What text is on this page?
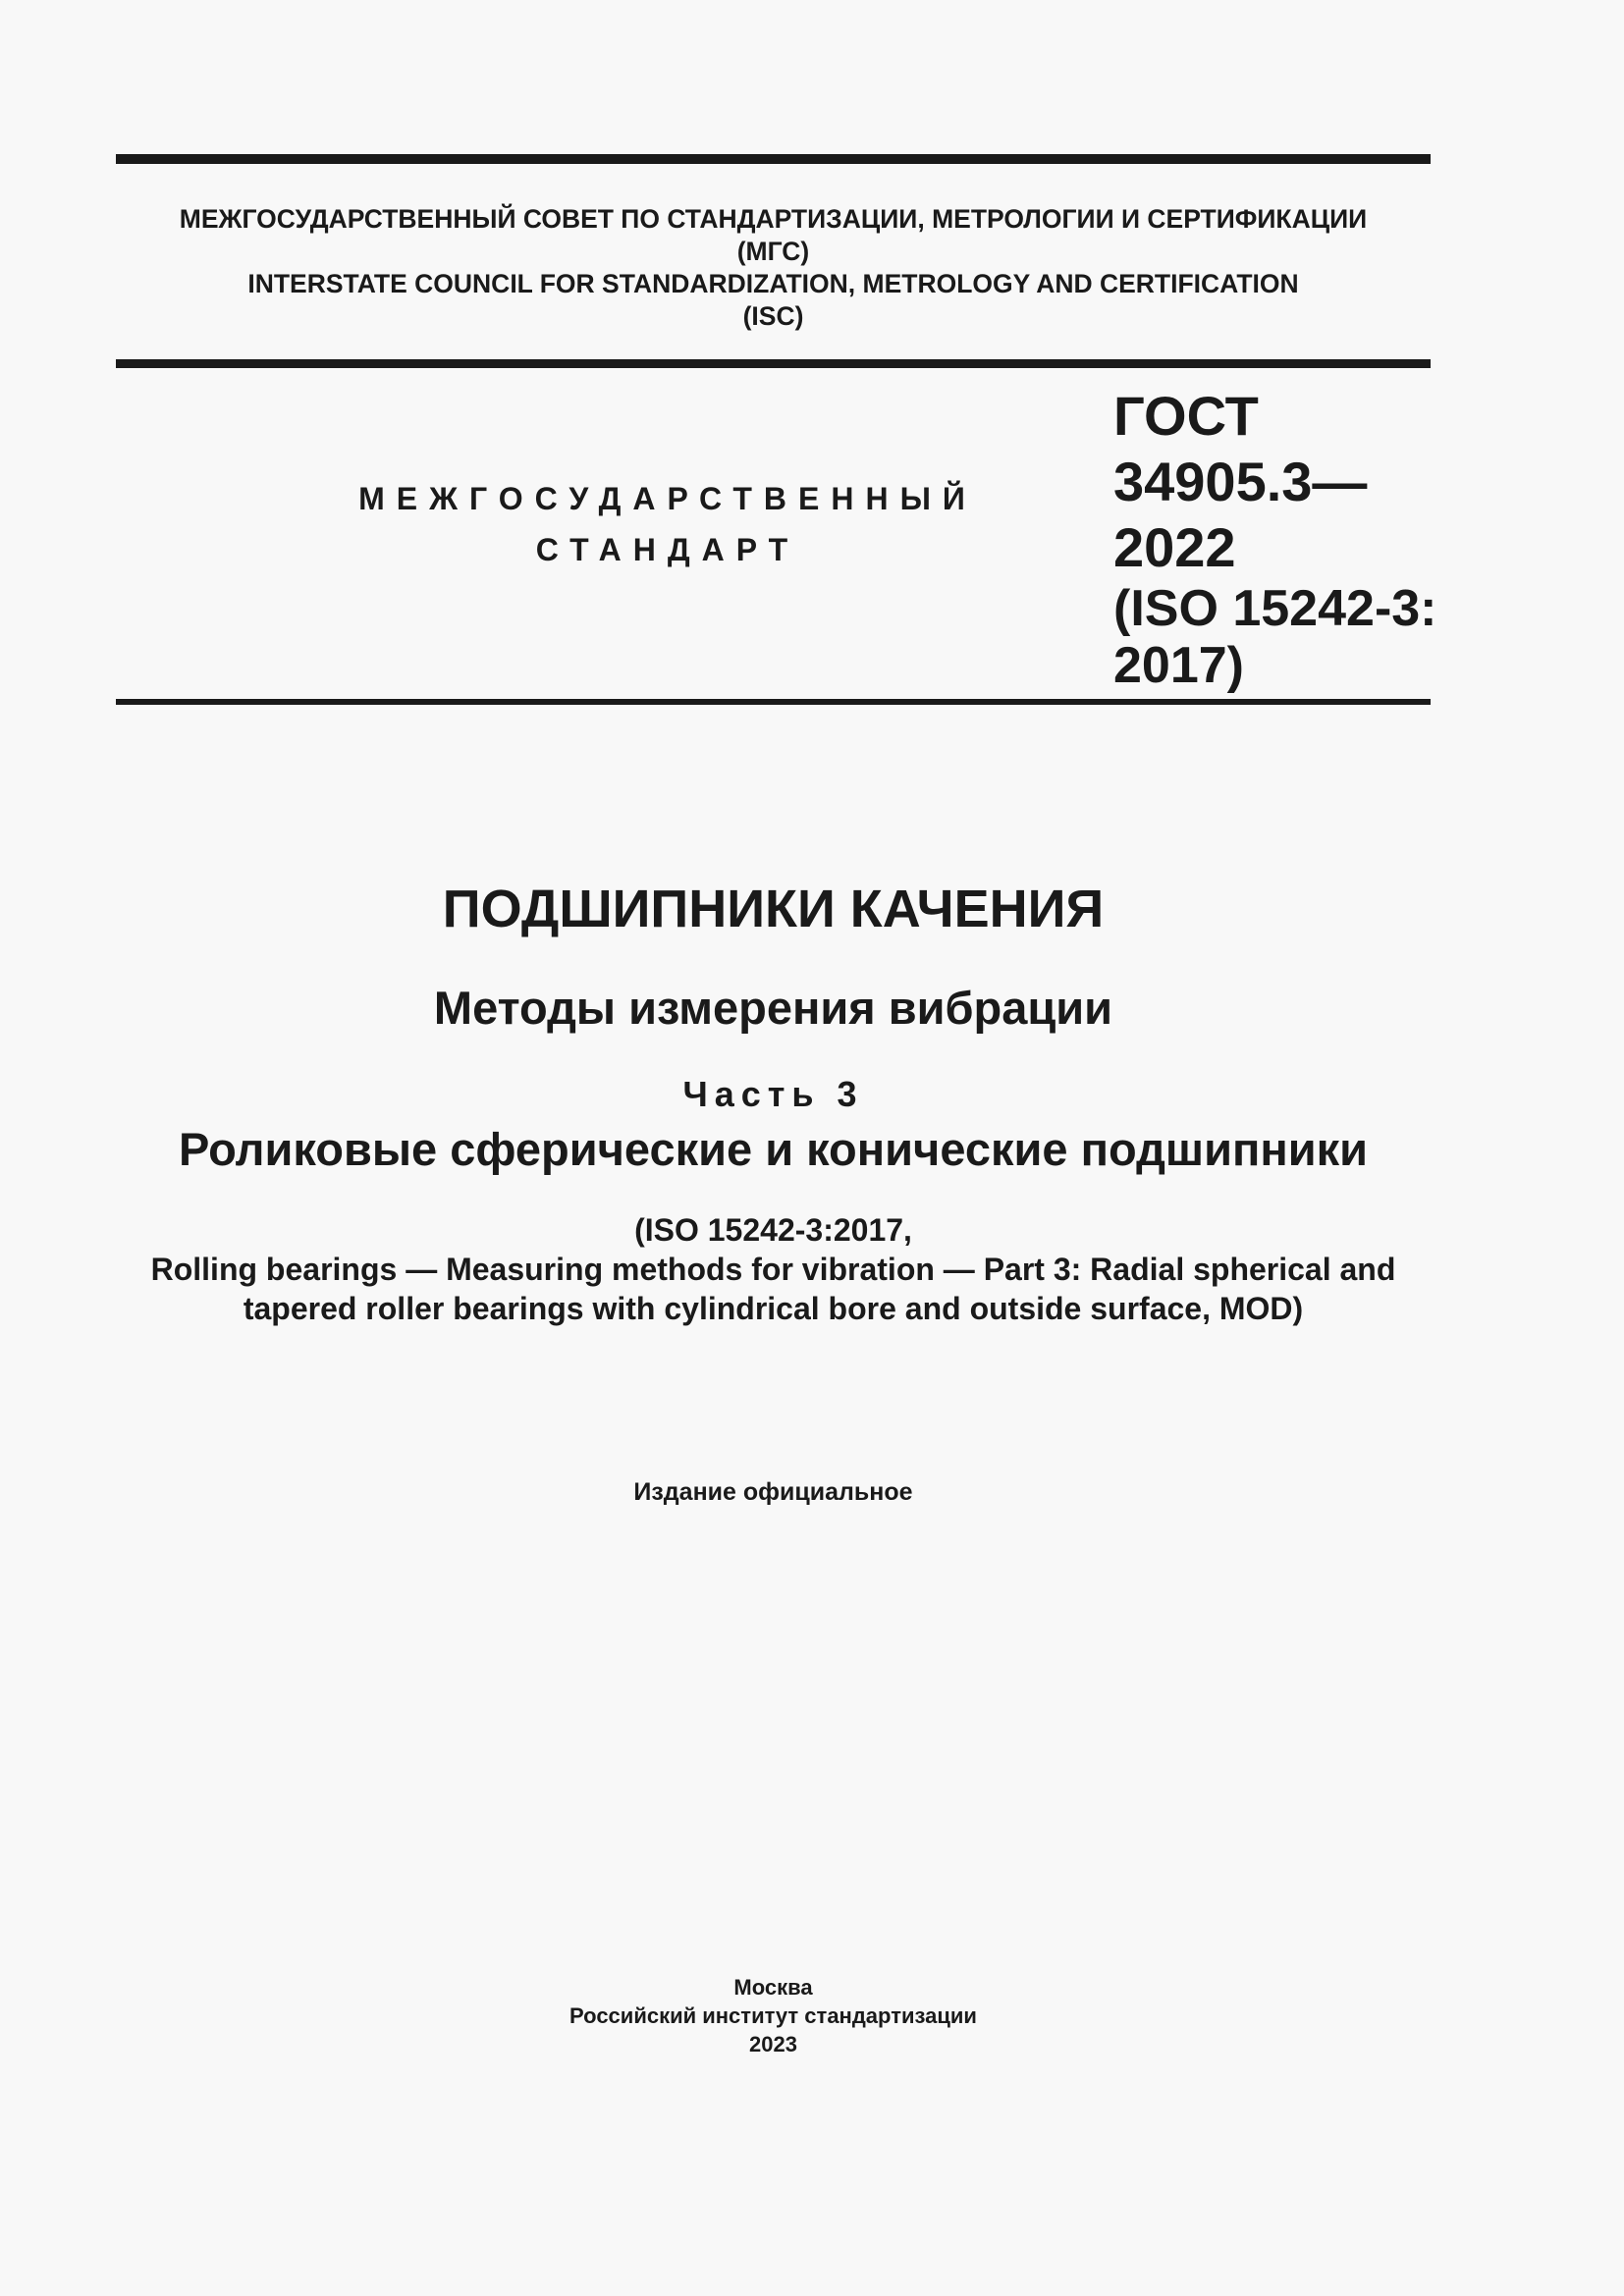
МЕЖГОСУДАРСТВЕННЫЙ СОВЕТ ПО СТАНДАРТИЗАЦИИ, МЕТРОЛОГИИ И СЕРТИФИКАЦИИ
(МГС)
INTERSTATE COUNCIL FOR STANDARDIZATION, METROLOGY AND CERTIFICATION
(ISC)
МЕЖГОСУДАРСТВЕННЫЙ
СТАНДАРТ
ГОСТ
34905.3—
2022
(ISO 15242-3:
2017)
ПОДШИПНИКИ КАЧЕНИЯ
Методы измерения вибрации
Часть 3
Роликовые сферические и конические подшипники
(ISO 15242-3:2017,
Rolling bearings — Measuring methods for vibration — Part 3: Radial spherical and
tapered roller bearings with cylindrical bore and outside surface, MOD)
Издание официальное
Москва
Российский институт стандартизации
2023
